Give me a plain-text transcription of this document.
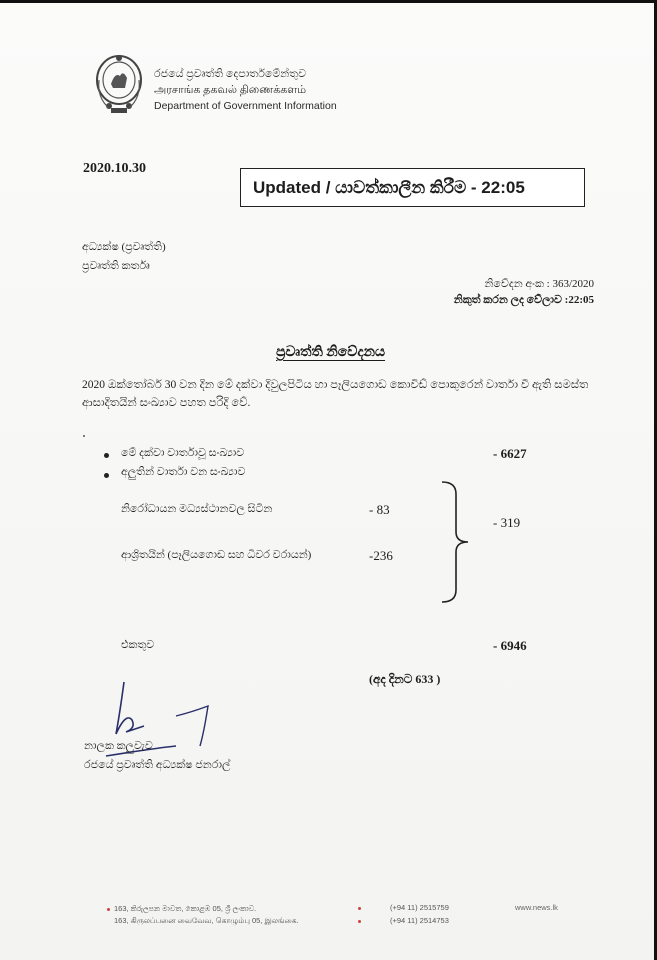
රජයේ ප්‍රවෘත්ති දෙපාර්තමේන්තුව
அரசாங்க தகவல் திணைக்களம்
Department of Government Information
2020.10.30
Updated / යාවත්කාලීන කිරීම - 22:05
අධ්‍යක්ෂ (ප්‍රවෘත්ති)
ප්‍රවෘත්ති කර්තෘ
නිවේදන අංක : 363/2020
නිකුත් කරන ලද වේලාව :22:05
ප්‍රවෘත්ති නිවේදනය
2020 ඔක්තෝබර් 30 වන දින මේ දක්වා දිවුලපිටිය හා පෑලියගොඩ කොවිඩ් පොකුරෙන් වාර්තා වී ඇති සමස්ත ආසාදිතයින් සංඛ්‍යාව පහත පරිදි වේ.
මේ දක්වා වාර්තාවූ සංඛ්‍යාව	- 6627
අලුතින් වාර්තා වන සංඛ්‍යාව
නිරෝධායන මධ්‍යස්ථානවල සිටින	- 83
ආශ්‍රිතයින් (පෑලියගොඩ සහ ධීවර වරායන්)	-236
- 319
එකතුව	- 6946
(අද දිනට 633 )
නාලක කලුවැව
රජයේ ප්‍රවෘත්ති අධ්‍යක්ෂ ජනරාල්
163, කිරුලපන මාවත, කොළඹ 05, ශ්‍රී ලංකාව.
163, கிருலப்பனை வைவேவ, கொழும்பு 05, இலங்கை.
(+94 11) 2515759
(+94 11) 2514753
www.news.lk
